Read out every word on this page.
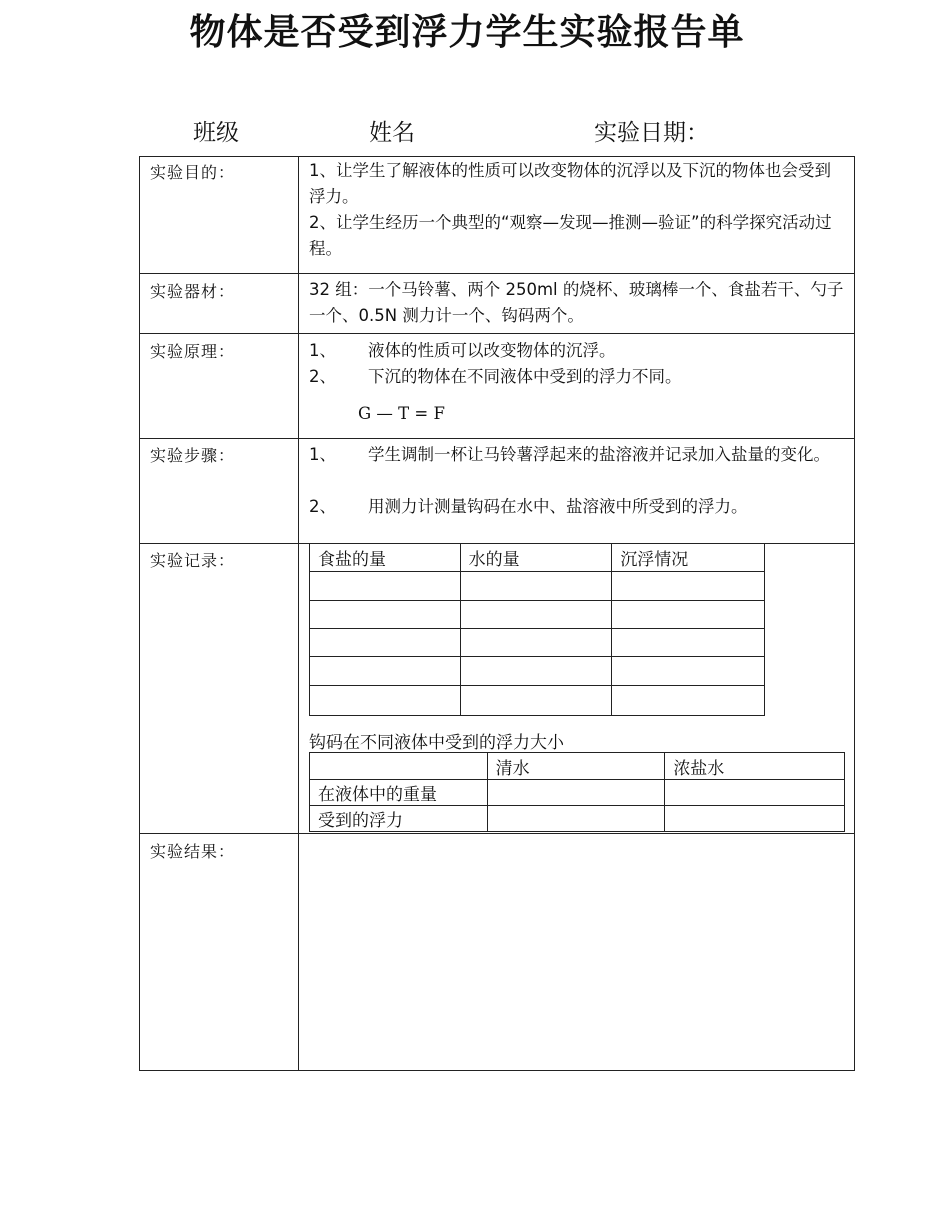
物体是否受到浮力学生实验报告单
班级	姓名	实验日期：
实验目的：	1、让学生了解液体的性质可以改变物体的沉浮以及下沉的物体也会受到浮力。
2、让学生经历一个典型的“观察—发现—推测—验证”的科学探究活动过程。
实验器材：	32 组：一个马铃薯、两个 250ml 的烧杯、玻璃棒一个、食盐若干、勺子一个、0.5N 测力计一个、钩码两个。
实验原理：	1、 液体的性质可以改变物体的沉浮。
2、 下沉的物体在不同液体中受到的浮力不同。
G — T = F
实验步骤：	1、 学生调制一杯让马铃薯浮起来的盐溶液并记录加入盐量的变化。
2、 用测力计测量钩码在水中、盐溶液中所受到的浮力。
实验记录：	食盐的量	水的量	沉浮情况

钩码在不同液体中受到的浮力大小
	清水	浓盐水
在液体中的重量		
受到的浮力		
实验结果：
